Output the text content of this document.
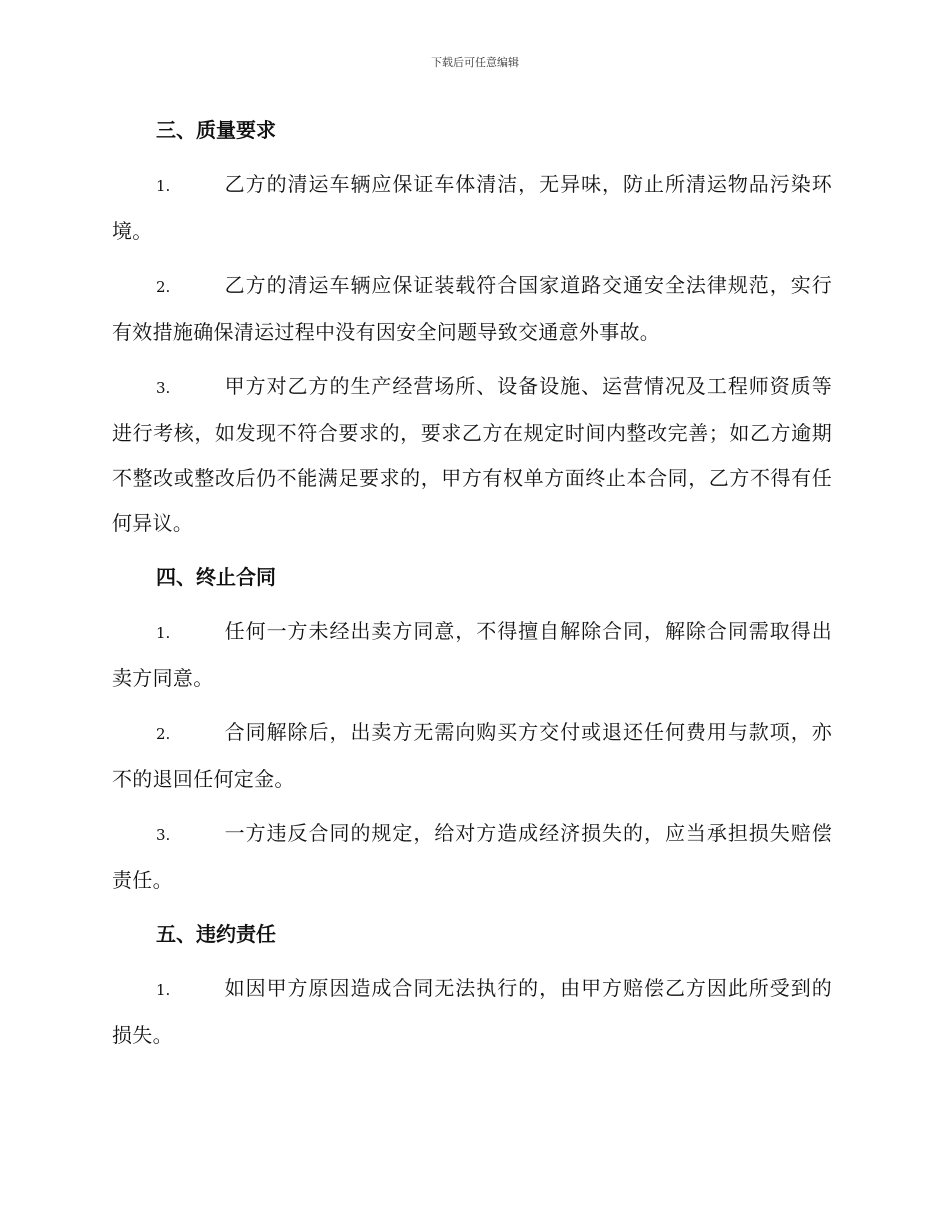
下载后可任意编辑
三、质量要求
1.	乙方的清运车辆应保证车体清洁，无异味，防止所清运物品污染环境。
2.	乙方的清运车辆应保证装载符合国家道路交通安全法律规范，实行有效措施确保清运过程中没有因安全问题导致交通意外事故。
3.	甲方对乙方的生产经营场所、设备设施、运营情况及工程师资质等进行考核，如发现不符合要求的，要求乙方在规定时间内整改完善；如乙方逾期不整改或整改后仍不能满足要求的，甲方有权单方面终止本合同，乙方不得有任何异议。
四、终止合同
1.	任何一方未经出卖方同意，不得擅自解除合同，解除合同需取得出卖方同意。
2.	合同解除后，出卖方无需向购买方交付或退还任何费用与款项，亦不的退回任何定金。
3.	一方违反合同的规定，给对方造成经济损失的，应当承担损失赔偿责任。
五、违约责任
1.	如因甲方原因造成合同无法执行的，由甲方赔偿乙方因此所受到的损失。
